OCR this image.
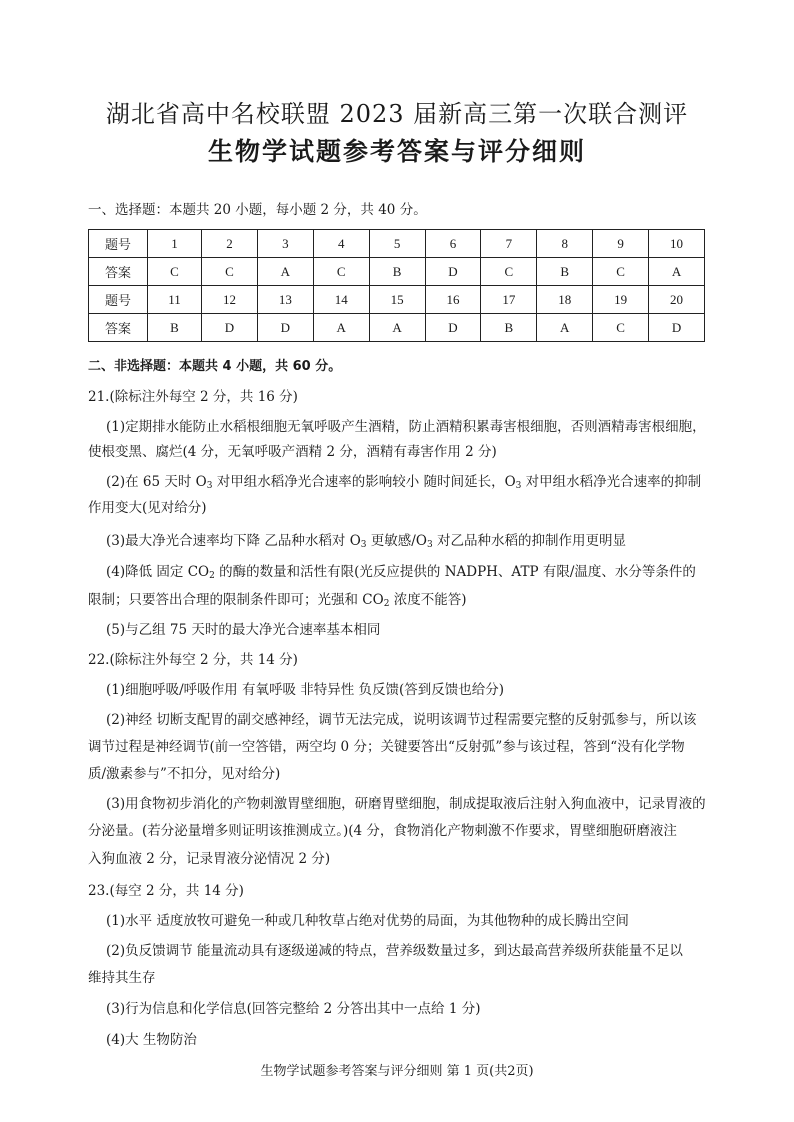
湖北省高中名校联盟 2023 届新高三第一次联合测评
生物学试题参考答案与评分细则
一、选择题：本题共 20 小题，每小题 2 分，共 40 分。
题号	1	2	3	4	5	6	7	8	9	10
答案	C	C	A	C	B	D	C	B	C	A
题号	11	12	13	14	15	16	17	18	19	20
答案	B	D	D	A	A	D	B	A	C	D
二、非选择题：本题共 4 小题，共 60 分。
21.(除标注外每空 2 分，共 16 分)
(1)定期排水能防止水稻根细胞无氧呼吸产生酒精，防止酒精积累毒害根细胞，否则酒精毒害根细胞，
使根变黑、腐烂(4 分，无氧呼吸产酒精 2 分，酒精有毒害作用 2 分)
(2)在 65 天时 $O_3$ 对甲组水稻净光合速率的影响较小 随时间延长，$O_3$ 对甲组水稻净光合速率的抑制
作用变大(见对给分)
(3)最大净光合速率均下降 乙品种水稻对 $O_3$ 更敏感$/O_3$ 对乙品种水稻的抑制作用更明显
(4)降低 固定 $CO_2$ 的酶的数量和活性有限(光反应提供的 NADPH、ATP 有限/温度、水分等条件的
限制；只要答出合理的限制条件即可；光强和 $CO_2$ 浓度不能答)
(5)与乙组 75 天时的最大净光合速率基本相同
22.(除标注外每空 2 分，共 14 分)
(1)细胞呼吸/呼吸作用 有氧呼吸 非特异性 负反馈(答到反馈也给分)
(2)神经 切断支配胃的副交感神经，调节无法完成，说明该调节过程需要完整的反射弧参与，所以该
调节过程是神经调节(前一空答错，两空均 0 分；关键要答出“反射弧”参与该过程，答到“没有化学物
质/激素参与”不扣分，见对给分)
(3)用食物初步消化的产物刺激胃壁细胞，研磨胃壁细胞，制成提取液后注射入狗血液中，记录胃液的
分泌量。(若分泌量增多则证明该推测成立。)(4 分，食物消化产物刺激不作要求，胃壁细胞研磨液注
入狗血液 2 分，记录胃液分泌情况 2 分)
23.(每空 2 分，共 14 分)
(1)水平 适度放牧可避免一种或几种牧草占绝对优势的局面，为其他物种的成长腾出空间
(2)负反馈调节 能量流动具有逐级递减的特点，营养级数量过多，到达最高营养级所获能量不足以
维持其生存
(3)行为信息和化学信息(回答完整给 2 分答出其中一点给 1 分)
(4)大 生物防治
生物学试题参考答案与评分细则 第 1 页(共2页)
